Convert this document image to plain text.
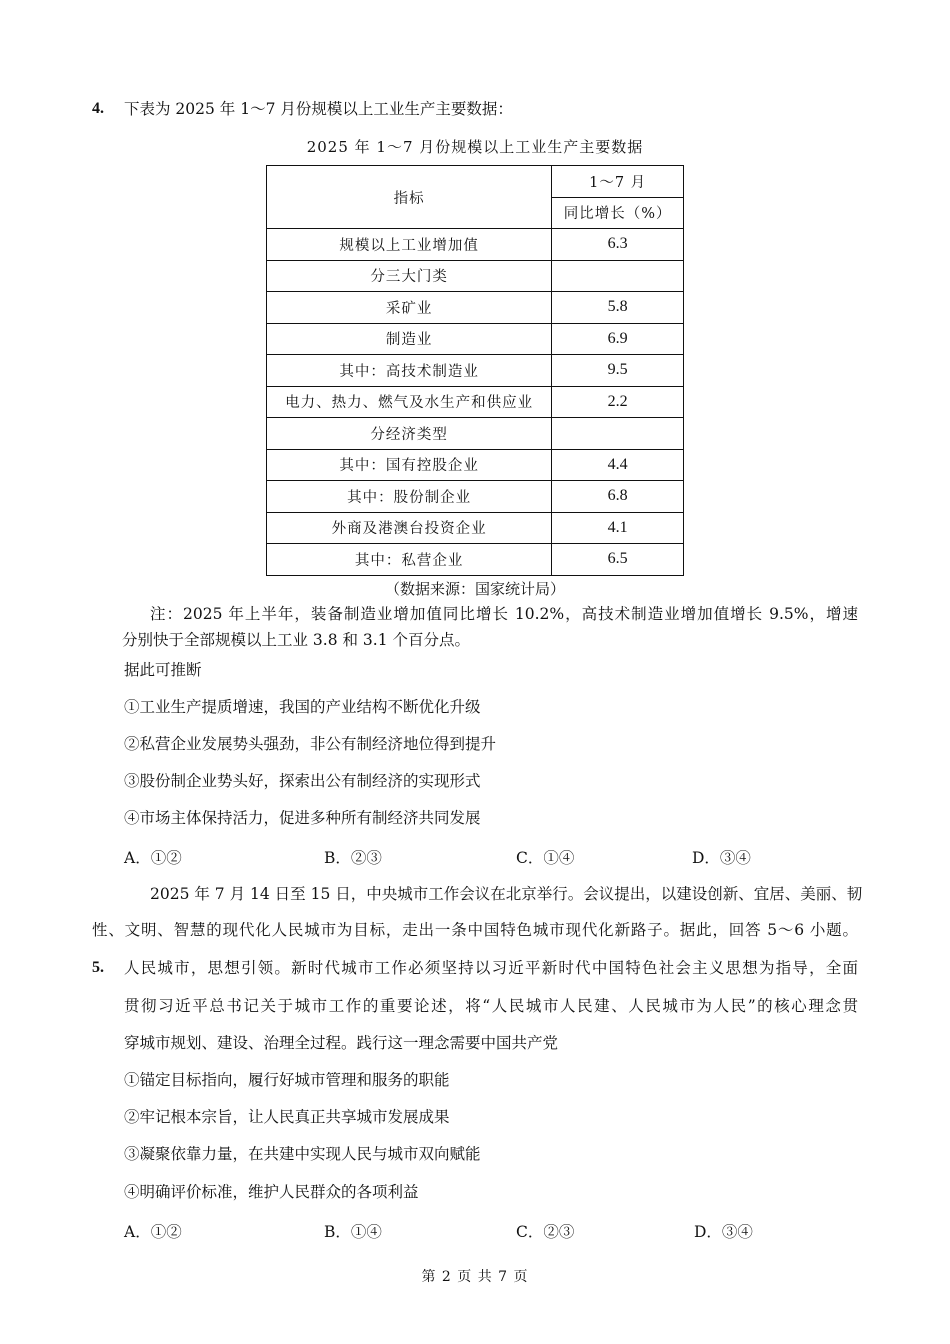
4. 下表为 2025 年 1～7 月份规模以上工业生产主要数据：
2025 年 1～7 月份规模以上工业生产主要数据
指标	1～7 月
	同比增长（%）
规模以上工业增加值	6.3
分三大门类	
采矿业	5.8
制造业	6.9
其中：高技术制造业	9.5
电力、热力、燃气及水生产和供应业	2.2
分经济类型	
其中：国有控股企业	4.4
其中：股份制企业	6.8
外商及港澳台投资企业	4.1
其中：私营企业	6.5
（数据来源：国家统计局）
注：2025 年上半年，装备制造业增加值同比增长 10.2%，高技术制造业增加值增长 9.5%，增速
分别快于全部规模以上工业 3.8 和 3.1 个百分点。
据此可推断
①工业生产提质增速，我国的产业结构不断优化升级
②私营企业发展势头强劲，非公有制经济地位得到提升
③股份制企业势头好，探索出公有制经济的实现形式
④市场主体保持活力，促进多种所有制经济共同发展
A．①②	B．②③	C．①④	D．③④
2025 年 7 月 14 日至 15 日，中央城市工作会议在北京举行。会议提出，以建设创新、宜居、美丽、韧
性、文明、智慧的现代化人民城市为目标，走出一条中国特色城市现代化新路子。据此，回答 5～6 小题。
5. 人民城市，思想引领。新时代城市工作必须坚持以习近平新时代中国特色社会主义思想为指导，全面
贯彻习近平总书记关于城市工作的重要论述，将“人民城市人民建、人民城市为人民”的核心理念贯
穿城市规划、建设、治理全过程。践行这一理念需要中国共产党
①锚定目标指向，履行好城市管理和服务的职能
②牢记根本宗旨，让人民真正共享城市发展成果
③凝聚依靠力量，在共建中实现人民与城市双向赋能
④明确评价标准，维护人民群众的各项利益
A．①②	B．①④	C．②③	D．③④
第 2 页 共 7 页
